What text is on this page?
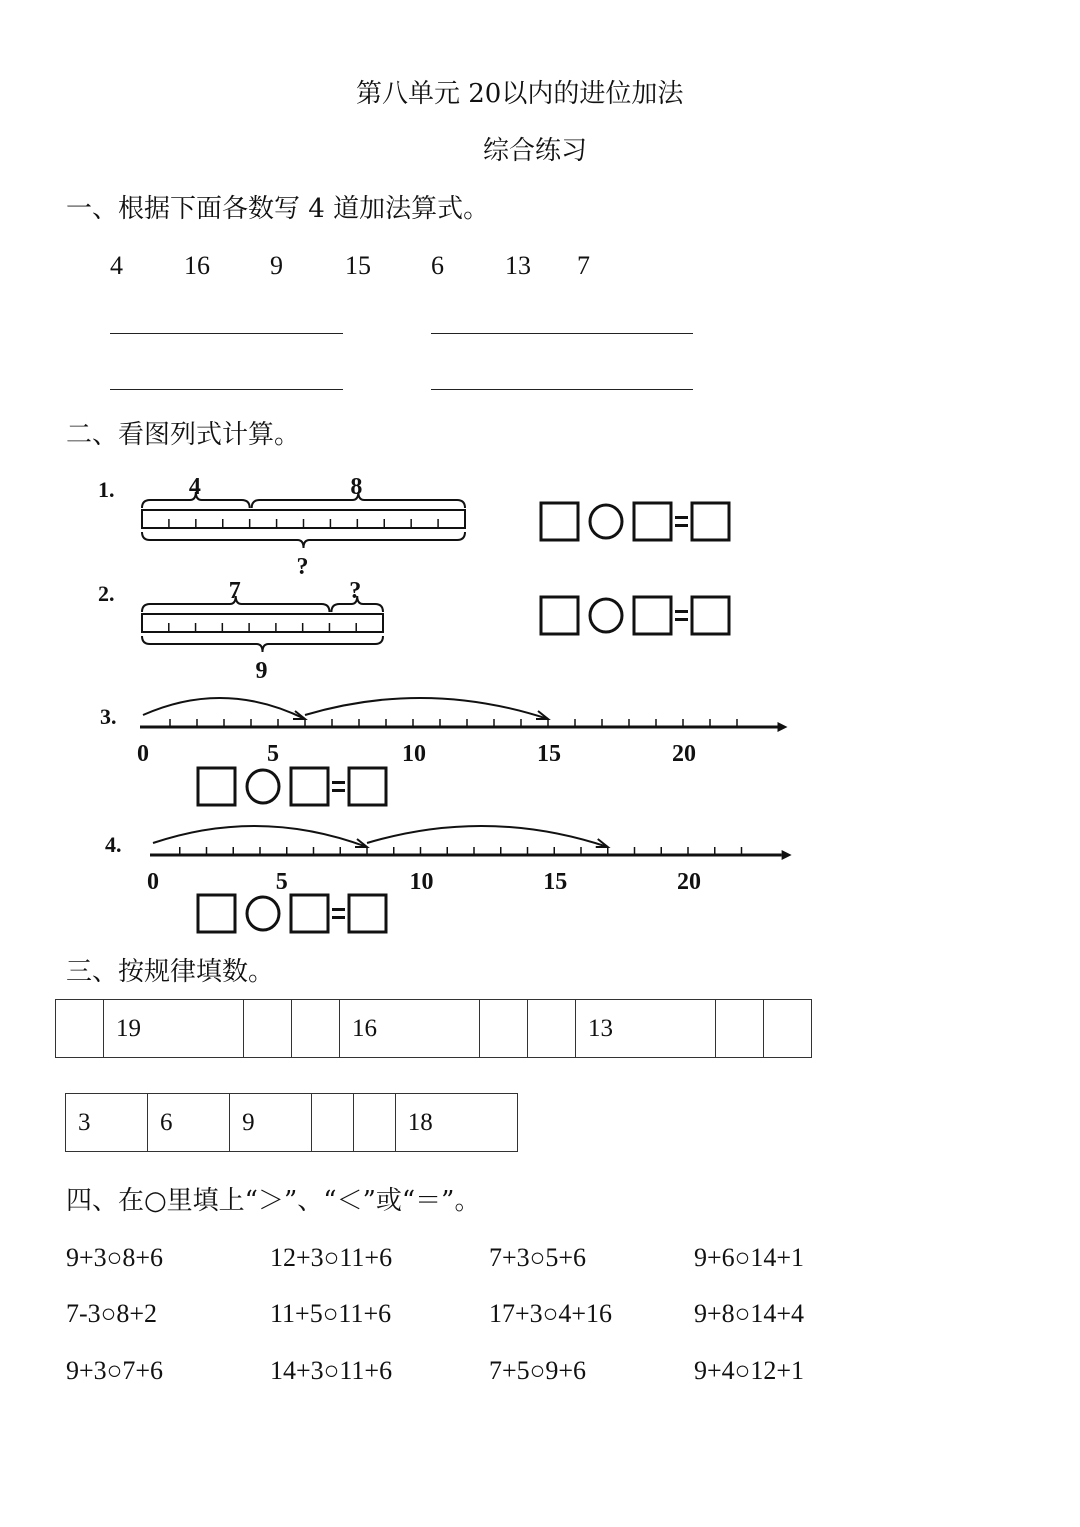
第八单元 20以内的进位加法
综合练习
一、根据下面各数写 4 道加法算式。
4 16 9 15 6 13 7
二、看图列式计算。
1.	4	8
?
2.	7	?
9
3.
0	5	10	15	20
4.
0	5	10	15	20
三、按规律填数。
	19			16			13		
3	6	9			18
四、在○里填上“＞”、“＜”或“＝”。
9+3○8+6	12+3○11+6	7+3○5+6	9+6○14+1
7-3○8+2	11+5○11+6	17+3○4+16	9+8○14+4
9+3○7+6	14+3○11+6	7+5○9+6	9+4○12+1
